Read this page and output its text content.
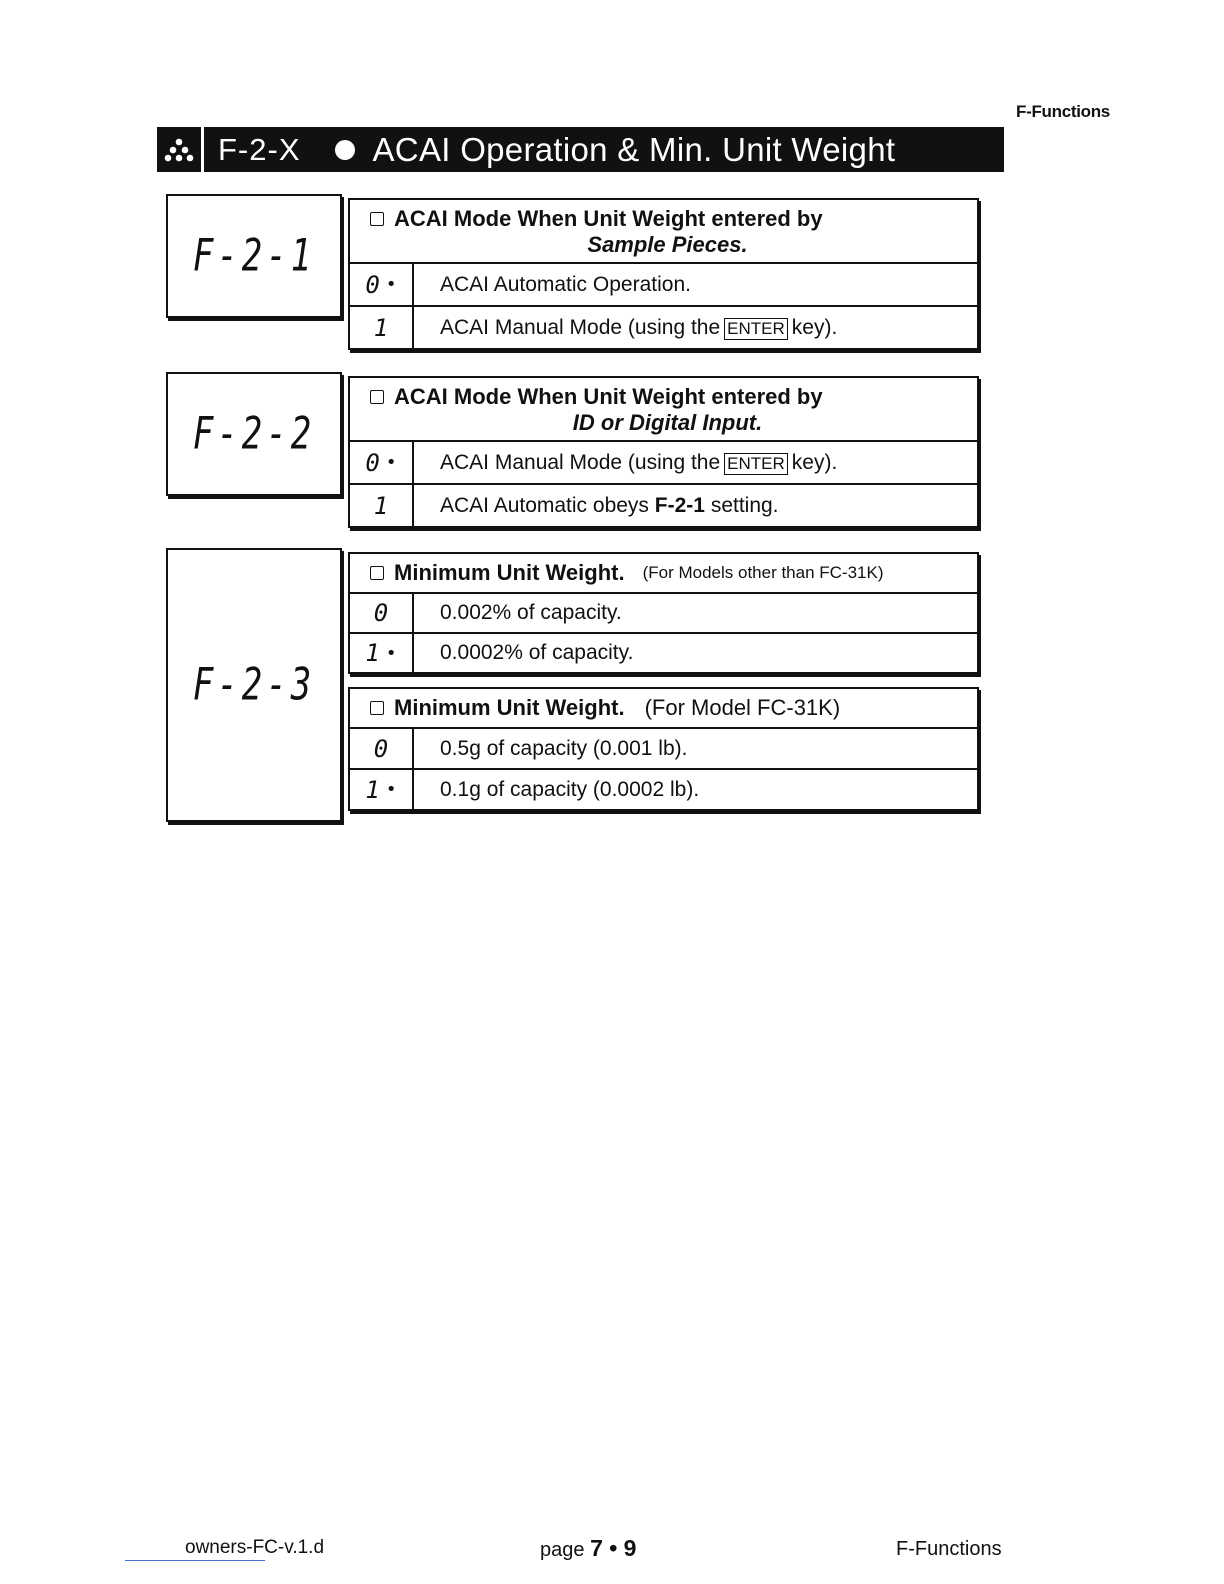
F-Functions
F-2-X ACAI Operation & Min. Unit Weight
F-2-1
ACAI Mode When Unit Weight entered by
Sample Pieces.
0 •	ACAI Automatic Operation.
1	ACAI Manual Mode (using the ENTER key).
F-2-2
ACAI Mode When Unit Weight entered by
ID or Digital Input.
0 •	ACAI Manual Mode (using the ENTER key).
1	ACAI Automatic obeys F-2-1 setting.
F-2-3
Minimum Unit Weight. (For Models other than FC-31K)
0	0.002% of capacity.
1 •	0.0002% of capacity.
Minimum Unit Weight. (For Model FC-31K)
0	0.5g of capacity (0.001 lb).
1 •	0.1g of capacity (0.0002 lb).
owners-FC-v.1.d	page 7 • 9	F-Functions
